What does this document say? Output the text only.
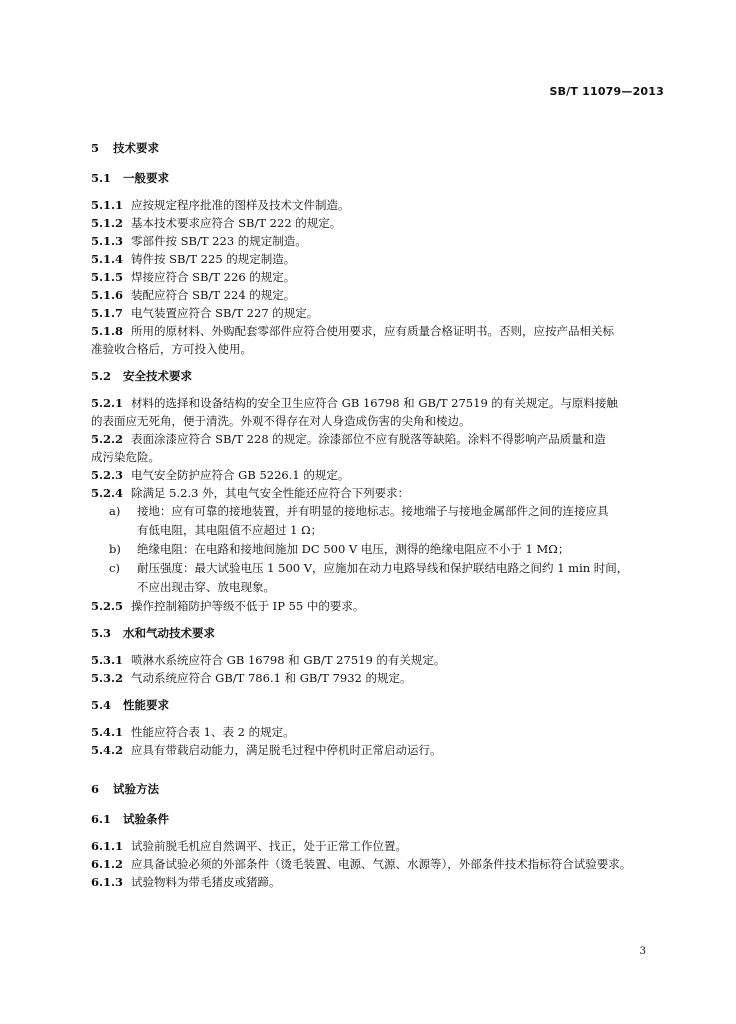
SB/T 11079—2013
5	技术要求
5.1	一般要求
5.1.1 应按规定程序批准的图样及技术文件制造。
5.1.2 基本技术要求应符合 SB/T 222 的规定。
5.1.3 零部件按 SB/T 223 的规定制造。
5.1.4 铸件按 SB/T 225 的规定制造。
5.1.5 焊接应符合 SB/T 226 的规定。
5.1.6 装配应符合 SB/T 224 的规定。
5.1.7 电气装置应符合 SB/T 227 的规定。
5.1.8 所用的原材料、外购配套零部件应符合使用要求，应有质量合格证明书。否则，应按产品相关标
准验收合格后，方可投入使用。
5.2	安全技术要求
5.2.1 材料的选择和设备结构的安全卫生应符合 GB 16798 和 GB/T 27519 的有关规定。与原料接触
的表面应无死角，便于清洗。外观不得存在对人身造成伤害的尖角和棱边。
5.2.2 表面涂漆应符合 SB/T 228 的规定。涂漆部位不应有脱落等缺陷。涂料不得影响产品质量和造
成污染危险。
5.2.3 电气安全防护应符合 GB 5226.1 的规定。
5.2.4 除满足 5.2.3 外，其电气安全性能还应符合下列要求：
a)	接地：应有可靠的接地装置，并有明显的接地标志。接地端子与接地金属部件之间的连接应具
有低电阻，其电阻值不应超过 1 Ω；
b)	绝缘电阻：在电路和接地间施加 DC 500 V 电压，测得的绝缘电阻应不小于 1 MΩ；
c)	耐压强度：最大试验电压 1 500 V，应施加在动力电路导线和保护联结电路之间约 1 min 时间，
不应出现击穿、放电现象。
5.2.5 操作控制箱防护等级不低于 IP 55 中的要求。
5.3	水和气动技术要求
5.3.1 喷淋水系统应符合 GB 16798 和 GB/T 27519 的有关规定。
5.3.2 气动系统应符合 GB/T 786.1 和 GB/T 7932 的规定。
5.4	性能要求
5.4.1 性能应符合表 1、表 2 的规定。
5.4.2 应具有带载启动能力，满足脱毛过程中停机时正常启动运行。
6	试验方法
6.1	试验条件
6.1.1 试验前脱毛机应自然调平、找正，处于正常工作位置。
6.1.2 应具备试验必须的外部条件（烫毛装置、电源、气源、水源等），外部条件技术指标符合试验要求。
6.1.3 试验物料为带毛猪皮或猪蹄。
3
